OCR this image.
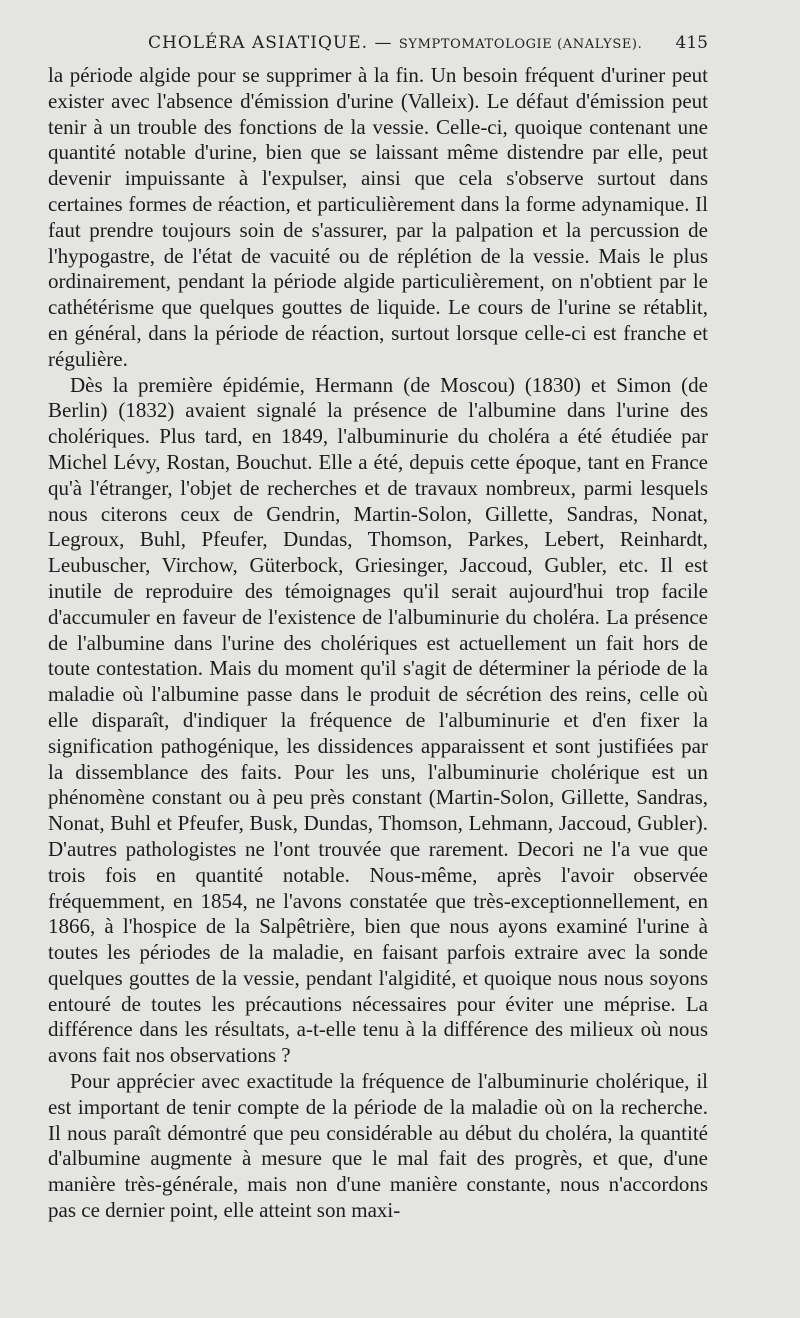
CHOLÉRA ASIATIQUE. — SYMPTOMATOLOGIE (ANALYSE). 415

la période algide pour se supprimer à la fin. Un besoin fréquent d'uriner peut exister avec l'absence d'émission d'urine (Valleix). Le défaut d'émission peut tenir à un trouble des fonctions de la vessie. Celle-ci, quoique contenant une quantité notable d'urine, bien que se laissant même distendre par elle, peut devenir impuissante à l'expulser, ainsi que cela s'observe surtout dans certaines formes de réaction, et particulièrement dans la forme adynamique. Il faut prendre toujours soin de s'assurer, par la palpation et la percussion de l'hypogastre, de l'état de vacuité ou de réplétion de la vessie. Mais le plus ordinairement, pendant la période algide particulièrement, on n'obtient par le cathétérisme que quelques gouttes de liquide. Le cours de l'urine se rétablit, en général, dans la période de réaction, surtout lorsque celle-ci est franche et régulière.

Dès la première épidémie, Hermann (de Moscou) (1830) et Simon (de Berlin) (1832) avaient signalé la présence de l'albumine dans l'urine des cholériques. Plus tard, en 1849, l'albuminurie du choléra a été étudiée par Michel Lévy, Rostan, Bouchut. Elle a été, depuis cette époque, tant en France qu'à l'étranger, l'objet de recherches et de travaux nombreux, parmi lesquels nous citerons ceux de Gendrin, Martin-Solon, Gillette, Sandras, Nonat, Legroux, Buhl, Pfeufer, Dundas, Thomson, Parkes, Lebert, Reinhardt, Leubuscher, Virchow, Güterbock, Griesinger, Jaccoud, Gubler, etc. Il est inutile de reproduire des témoignages qu'il serait aujourd'hui trop facile d'accumuler en faveur de l'existence de l'albuminurie du choléra. La présence de l'albumine dans l'urine des cholériques est actuellement un fait hors de toute contestation. Mais du moment qu'il s'agit de déterminer la période de la maladie où l'albumine passe dans le produit de sécrétion des reins, celle où elle disparaît, d'indiquer la fréquence de l'albuminurie et d'en fixer la signification pathogénique, les dissidences apparaissent et sont justifiées par la dissemblance des faits. Pour les uns, l'albuminurie cholérique est un phénomène constant ou à peu près constant (Martin-Solon, Gillette, Sandras, Nonat, Buhl et Pfeufer, Busk, Dundas, Thomson, Lehmann, Jaccoud, Gubler). D'autres pathologistes ne l'ont trouvée que rarement. Decori ne l'a vue que trois fois en quantité notable. Nous-même, après l'avoir observée fréquemment, en 1854, ne l'avons constatée que très-exceptionnellement, en 1866, à l'hospice de la Salpêtrière, bien que nous ayons examiné l'urine à toutes les périodes de la maladie, en faisant parfois extraire avec la sonde quelques gouttes de la vessie, pendant l'algidité, et quoique nous nous soyons entouré de toutes les précautions nécessaires pour éviter une méprise. La différence dans les résultats, a-t-elle tenu à la différence des milieux où nous avons fait nos observations ?

Pour apprécier avec exactitude la fréquence de l'albuminurie cholérique, il est important de tenir compte de la période de la maladie où on la recherche. Il nous paraît démontré que peu considérable au début du choléra, la quantité d'albumine augmente à mesure que le mal fait des progrès, et que, d'une manière très-générale, mais non d'une manière constante, nous n'accordons pas ce dernier point, elle atteint son maxi-
